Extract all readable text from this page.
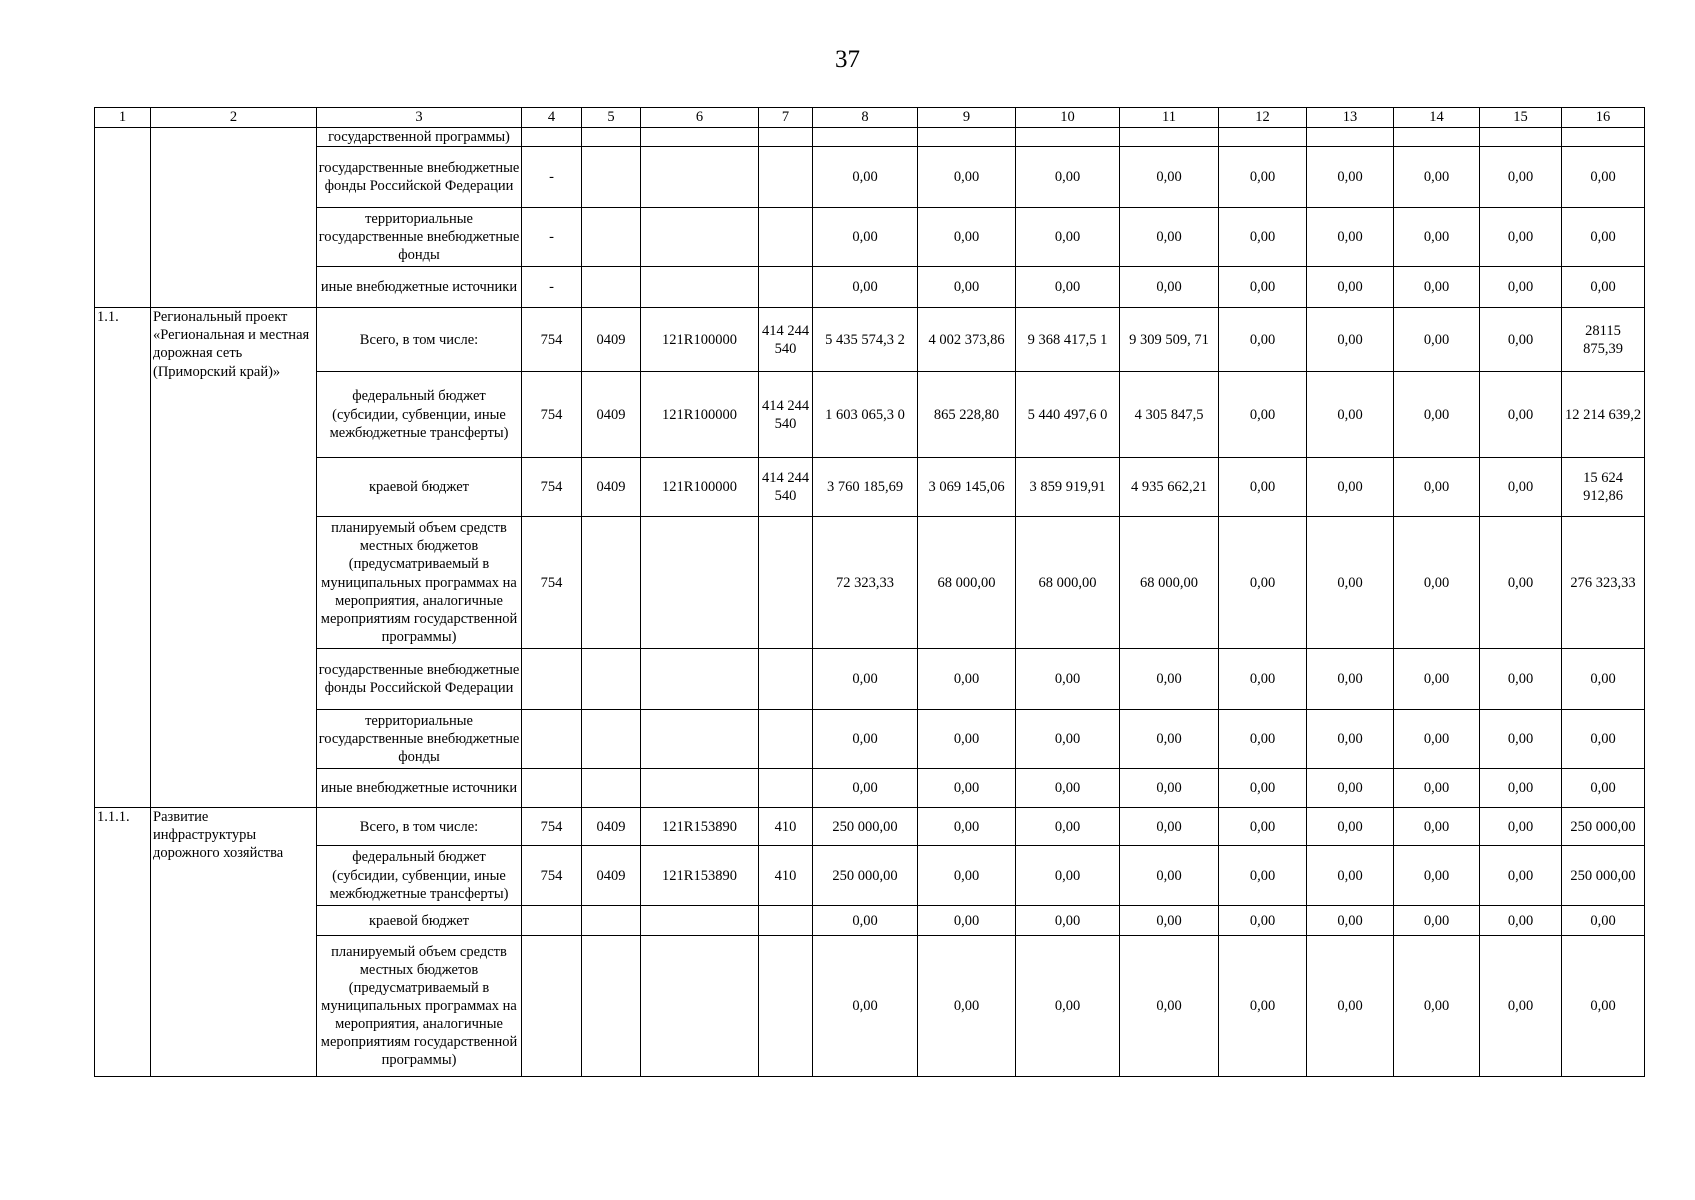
37
1	2	3	4	5	6	7	8	9	10	11	12	13	14	15	16
		государственной программы)													
		государственные внебюджетные фонды Российской Федерации	-				0,00	0,00	0,00	0,00	0,00	0,00	0,00	0,00	0,00
		территориальные государственные внебюджетные фонды	-				0,00	0,00	0,00	0,00	0,00	0,00	0,00	0,00	0,00
		иные внебюджетные источники	-				0,00	0,00	0,00	0,00	0,00	0,00	0,00	0,00	0,00
1.1.	Региональный проект «Региональная и местная дорожная сеть (Приморский край)»	Всего, в том числе:	754	0409	121R100000	414 244 540	5 435 574,3 2	4 002 373,86	9 368 417,5 1	9 309 509, 71	0,00	0,00	0,00	0,00	28115 875,39
		федеральный бюджет (субсидии, субвенции, иные межбюджетные трансферты)	754	0409	121R100000	414 244 540	1 603 065,3 0	865 228,80	5 440 497,6 0	4 305 847,5	0,00	0,00	0,00	0,00	12 214 639,2
		краевой бюджет	754	0409	121R100000	414 244 540	3 760 185,69	3 069 145,06	3 859 919,91	4 935 662,21	0,00	0,00	0,00	0,00	15 624 912,86
		планируемый объем средств местных бюджетов (предусматриваемый в муниципальных программах на мероприятия, аналогичные мероприятиям государственной программы)	754				72 323,33	68 000,00	68 000,00	68 000,00	0,00	0,00	0,00	0,00	276 323,33
		государственные внебюджетные фонды Российской Федерации					0,00	0,00	0,00	0,00	0,00	0,00	0,00	0,00	0,00
		территориальные государственные внебюджетные фонды					0,00	0,00	0,00	0,00	0,00	0,00	0,00	0,00	0,00
		иные внебюджетные источники					0,00	0,00	0,00	0,00	0,00	0,00	0,00	0,00	0,00
1.1.1.	Развитие инфраструктуры дорожного хозяйства	Всего, в том числе:	754	0409	121R153890	410	250 000,00	0,00	0,00	0,00	0,00	0,00	0,00	0,00	250 000,00
		федеральный бюджет (субсидии, субвенции, иные межбюджетные трансферты)	754	0409	121R153890	410	250 000,00	0,00	0,00	0,00	0,00	0,00	0,00	0,00	250 000,00
		краевой бюджет					0,00	0,00	0,00	0,00	0,00	0,00	0,00	0,00	0,00
		планируемый объем средств местных бюджетов (предусматриваемый в муниципальных программах на мероприятия, аналогичные мероприятиям государственной программы)					0,00	0,00	0,00	0,00	0,00	0,00	0,00	0,00	0,00
